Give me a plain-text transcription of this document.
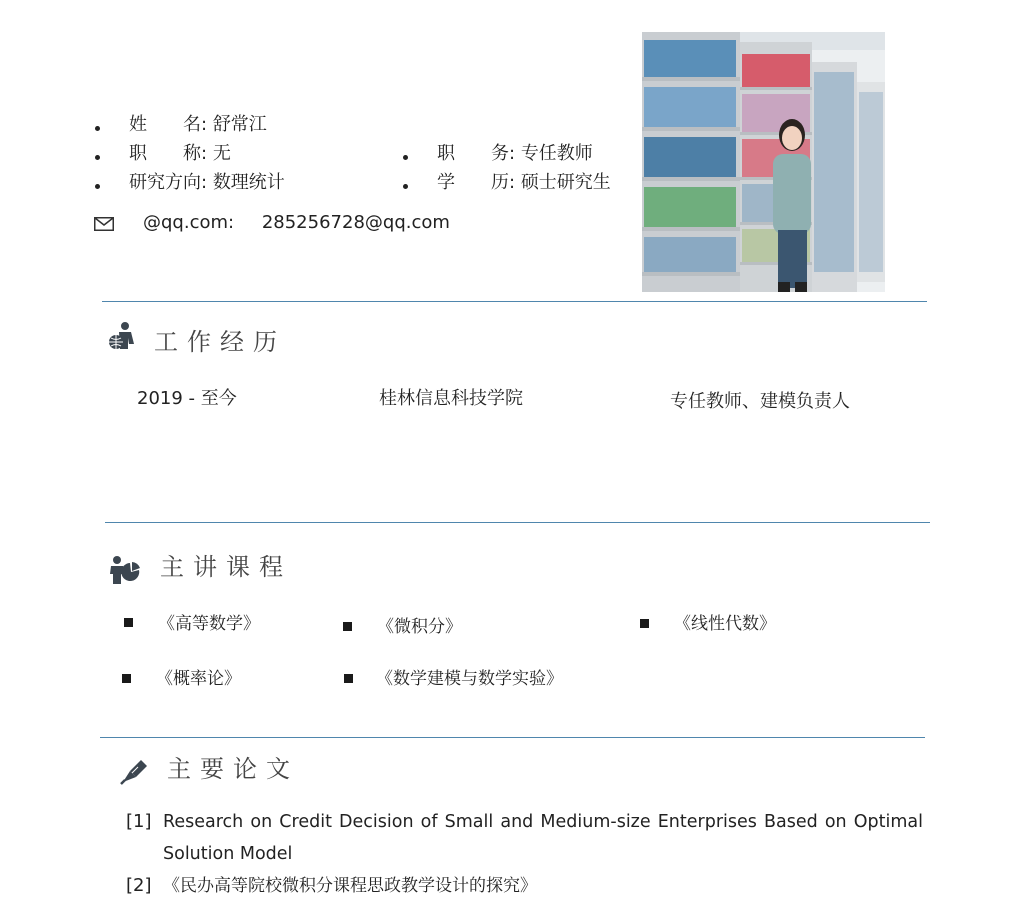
姓　　名: 舒常江
职　　称: 无
研究方向: 数理统计
职　　务: 专任教师
学　　历: 硕士研究生
@qq.com: 285256728@qq.com
工作经历
2019 - 至今	桂林信息科技学院	专任教师、建模负责人
主讲课程
《高等数学》	《微积分》	《线性代数》
《概率论》	《数学建模与数学实验》
主要论文
[1] Research on Credit Decision of Small and Medium-size Enterprises Based on Optimal Solution Model
[2] 《民办高等院校微积分课程思政教学设计的探究》
